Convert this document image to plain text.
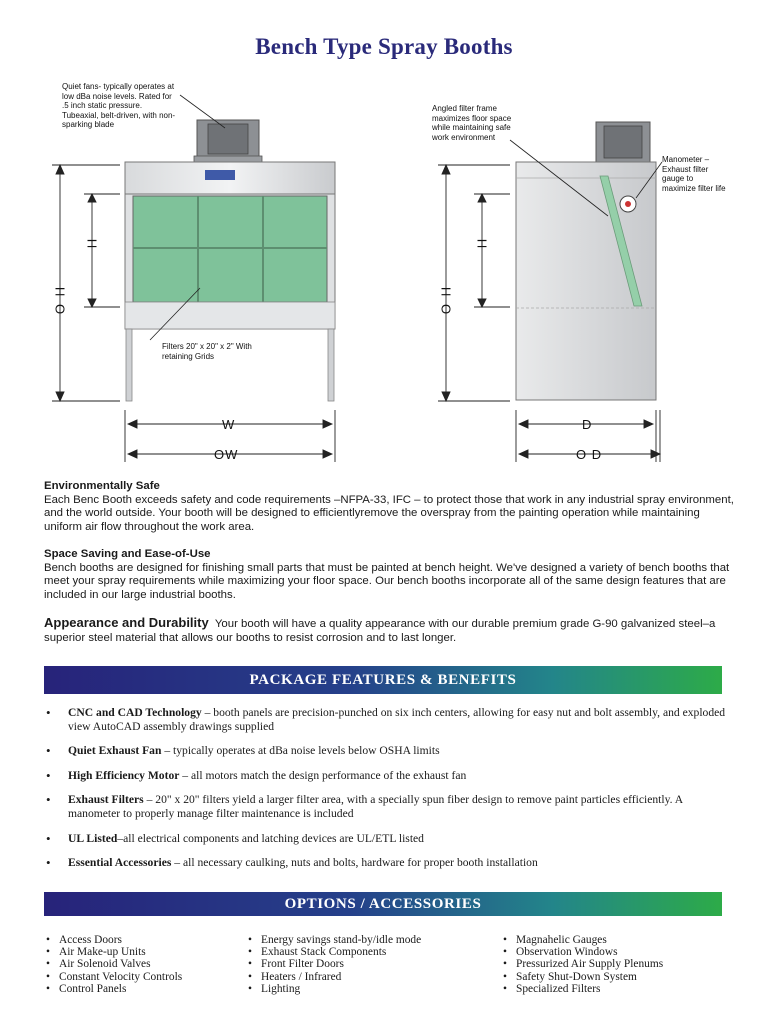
Bench Type Spray Booths
Quiet fans- typically operates at low dBa noise levels. Rated for .5 inch static pressure. Tubeaxial, belt-driven, with non-sparking blade
Angled filter frame maximizes floor space while maintaining safe work environment
Manometer – Exhaust filter gauge to maximize filter life
Filters 20" x 20" x 2" With retaining Grids
O H
H
W
OW
O H
H
D
O D
Environmentally Safe

Each Benc Booth exceeds safety and code requirements –NFPA-33, IFC – to protect those that work in any industrial spray environment, and the world outside. Your booth will be designed to efficientlyremove the overspray from the painting operation while maintaining uniform air flow throughout the work area.

Space Saving and Ease-of-Use

Bench booths are designed for finishing small parts that must be painted at bench height. We've designed a variety of bench booths that meet your spray requirements while maximizing your floor space. Our bench booths incorporate all of the same design features that are included in our large industrial booths.

Appearance and Durability Your booth will have a quality appearance with our durable premium grade G-90 galvanized steel–a superior steel material that allows our booths to resist corrosion and to last longer.

PACKAGE FEATURES & BENEFITS
• CNC and CAD Technology – booth panels are precision-punched on six inch centers, allowing for easy nut and bolt assembly, and exploded view AutoCAD assembly drawings supplied
• Quiet Exhaust Fan – typically operates at dBa noise levels below OSHA limits
• High Efficiency Motor – all motors match the design performance of the exhaust fan
• Exhaust Filters – 20" x 20" filters yield a larger filter area, with a specially spun fiber design to remove paint particles efficiently. A manometer to properly manage filter maintenance is included
• UL Listed–all electrical components and latching devices are UL/ETL listed
• Essential Accessories – all necessary caulking, nuts and bolts, hardware for proper booth installation
OPTIONS / ACCESSORIES
• Access Doors
• Air Make-up Units
• Air Solenoid Valves
• Constant Velocity Controls
• Control Panels
• Energy savings stand-by/idle mode
• Exhaust Stack Components
• Front Filter Doors
• Heaters / Infrared
• Lighting
• Magnahelic Gauges
• Observation Windows
• Pressurized Air Supply Plenums
• Safety Shut-Down System
• Specialized Filters
